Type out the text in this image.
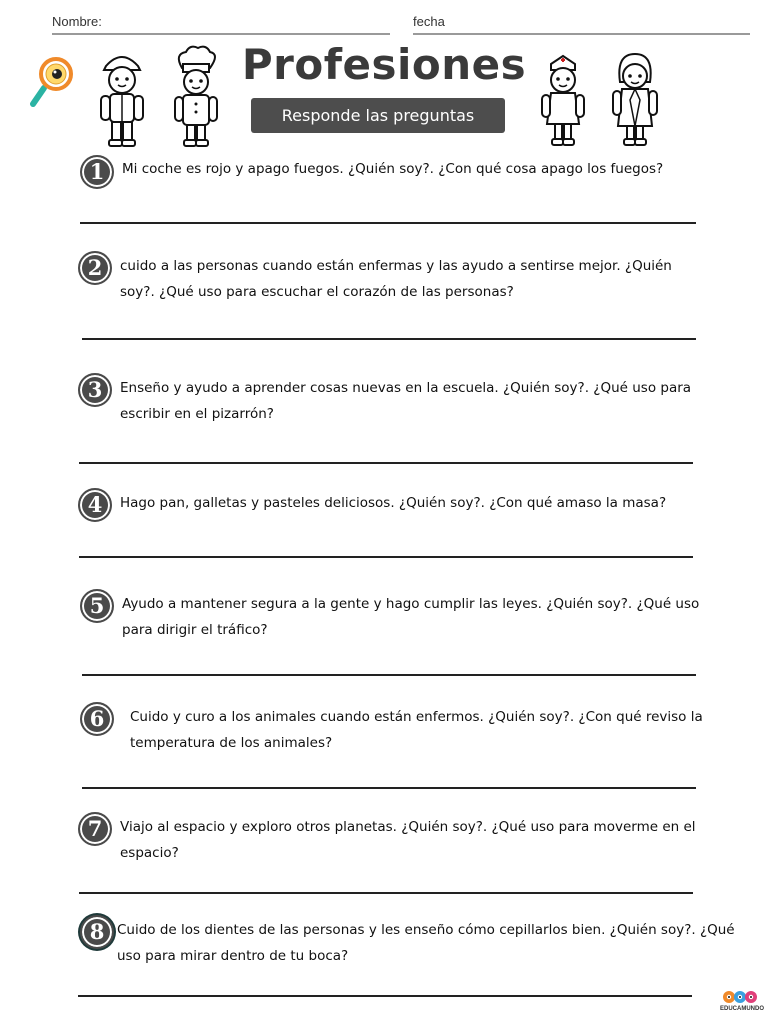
Nombre:	fecha
Profesiones
Responde las preguntas
1	Mi coche es rojo y apago fuegos. ¿Quién soy?. ¿Con qué cosa apago los fuegos?
2	cuido a las personas cuando están enfermas y las ayudo a sentirse mejor. ¿Quién soy?. ¿Qué uso para escuchar el corazón de las personas?
3	Enseño y ayudo a aprender cosas nuevas en la escuela. ¿Quién soy?. ¿Qué uso para escribir en el pizarrón?
4	Hago pan, galletas y pasteles deliciosos. ¿Quién soy?. ¿Con qué amaso la masa?
5	Ayudo a mantener segura a la gente y hago cumplir las leyes. ¿Quién soy?. ¿Qué uso para dirigir el tráfico?
6	Cuido y curo a los animales cuando están enfermos. ¿Quién soy?. ¿Con qué reviso la temperatura de los animales?
7	Viajo al espacio y exploro otros planetas. ¿Quién soy?. ¿Qué uso para moverme en el espacio?
8 Cuido de los dientes de las personas y les enseño cómo cepillarlos bien. ¿Quién soy?. ¿Qué uso para mirar dentro de tu boca?
EDUCAMUNDO
